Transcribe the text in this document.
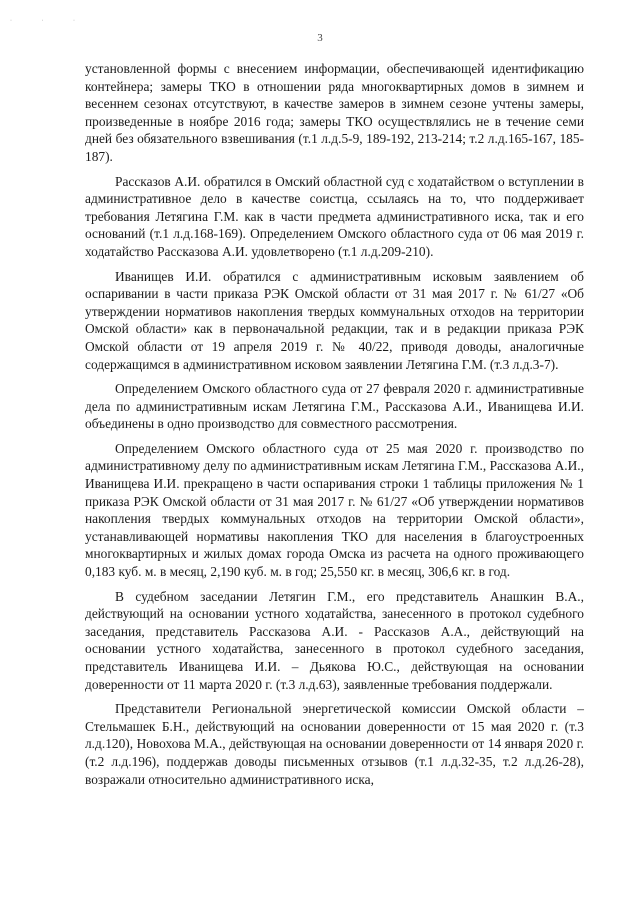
· · ·
3

установленной формы с внесением информации, обеспечивающей идентификацию контейнера; замеры ТКО в отношении ряда многоквартирных домов в зимнем и весеннем сезонах отсутствуют, в качестве замеров в зимнем сезоне учтены замеры, произведенные в ноябре 2016 года; замеры ТКО осуществлялись не в течение семи дней без обязательного взвешивания (т.1 л.д.5-9, 189-192, 213-214; т.2 л.д.165-167, 185-187).

Рассказов А.И. обратился в Омский областной суд с ходатайством о вступлении в административное дело в качестве соистца, ссылаясь на то, что поддерживает требования Летягина Г.М. как в части предмета административного иска, так и его оснований (т.1 л.д.168-169). Определением Омского областного суда от 06 мая 2019 г. ходатайство Рассказова А.И. удовлетворено (т.1 л.д.209-210).

Иванищев И.И. обратился с административным исковым заявлением об оспаривании в части приказа РЭК Омской области от 31 мая 2017 г. № 61/27 «Об утверждении нормативов накопления твердых коммунальных отходов на территории Омской области» как в первоначальной редакции, так и в редакции приказа РЭК Омской области от 19 апреля 2019 г. № 40/22, приводя доводы, аналогичные содержащимся в административном исковом заявлении Летягина Г.М. (т.3 л.д.3-7).

Определением Омского областного суда от 27 февраля 2020 г. административные дела по административным искам Летягина Г.М., Рассказова А.И., Иванищева И.И. объединены в одно производство для совместного рассмотрения.

Определением Омского областного суда от 25 мая 2020 г. производство по административному делу по административным искам Летягина Г.М., Рассказова А.И., Иванищева И.И. прекращено в части оспаривания строки 1 таблицы приложения № 1 приказа РЭК Омской области от 31 мая 2017 г. № 61/27 «Об утверждении нормативов накопления твердых коммунальных отходов на территории Омской области», устанавливающей нормативы накопления ТКО для населения в благоустроенных многоквартирных и жилых домах города Омска из расчета на одного проживающего 0,183 куб. м. в месяц, 2,190 куб. м. в год; 25,550 кг. в месяц, 306,6 кг. в год.

В судебном заседании Летягин Г.М., его представитель Анашкин В.А., действующий на основании устного ходатайства, занесенного в протокол судебного заседания, представитель Рассказова А.И. - Рассказов А.А., действующий на основании устного ходатайства, занесенного в протокол судебного заседания, представитель Иванищева И.И. – Дьякова Ю.С., действующая на основании доверенности от 11 марта 2020 г. (т.3 л.д.63), заявленные требования поддержали.

Представители Региональной энергетической комиссии Омской области – Стельмашек Б.Н., действующий на основании доверенности от 15 мая 2020 г. (т.3 л.д.120), Новохова М.А., действующая на основании доверенности от 14 января 2020 г. (т.2 л.д.196), поддержав доводы письменных отзывов (т.1 л.д.32-35, т.2 л.д.26-28), возражали относительно административного иска,
